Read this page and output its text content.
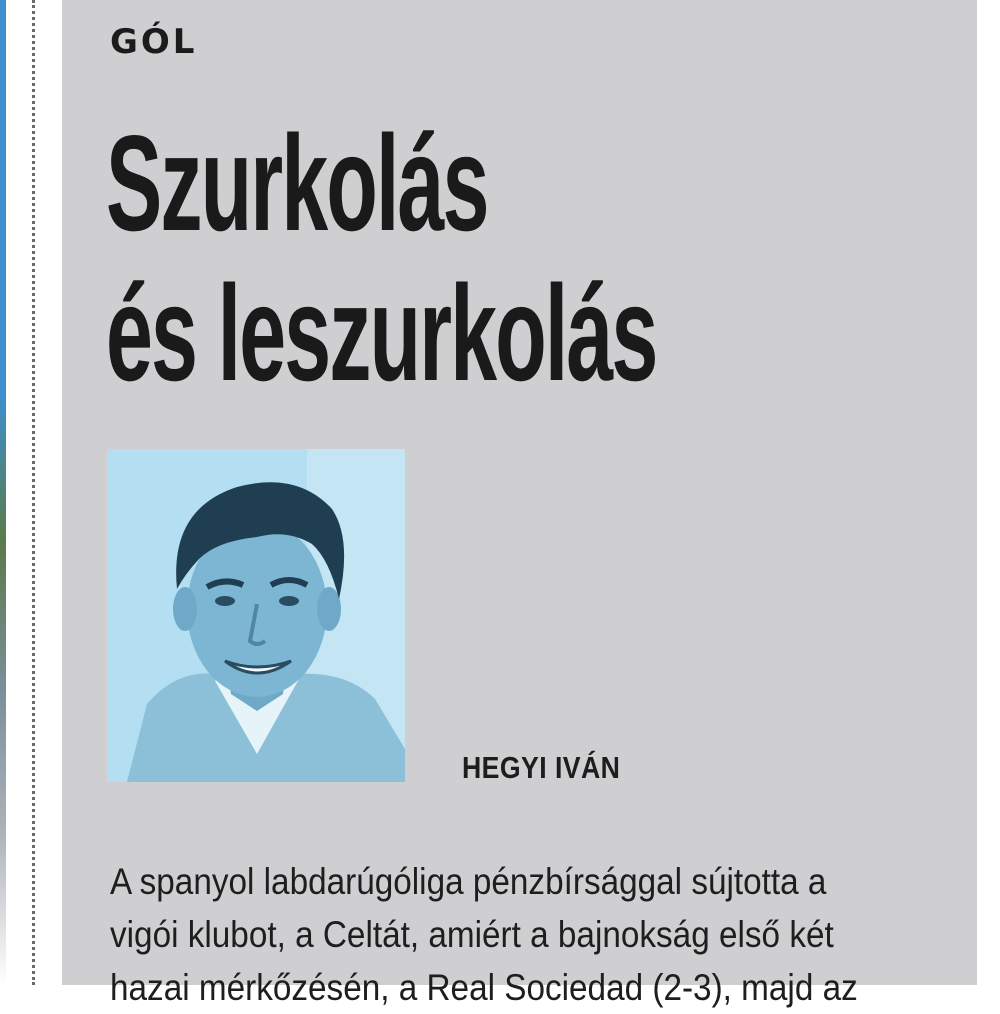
GÓL
Szurkolás
és leszurkolás
HEGYI IVÁN
A spanyol labdarúgóliga pénzbírsággal sújtotta a
vigói klubot, a Celtát, amiért a bajnokság első két
hazai mérkőzésén, a Real Sociedad (2-3), majd az
